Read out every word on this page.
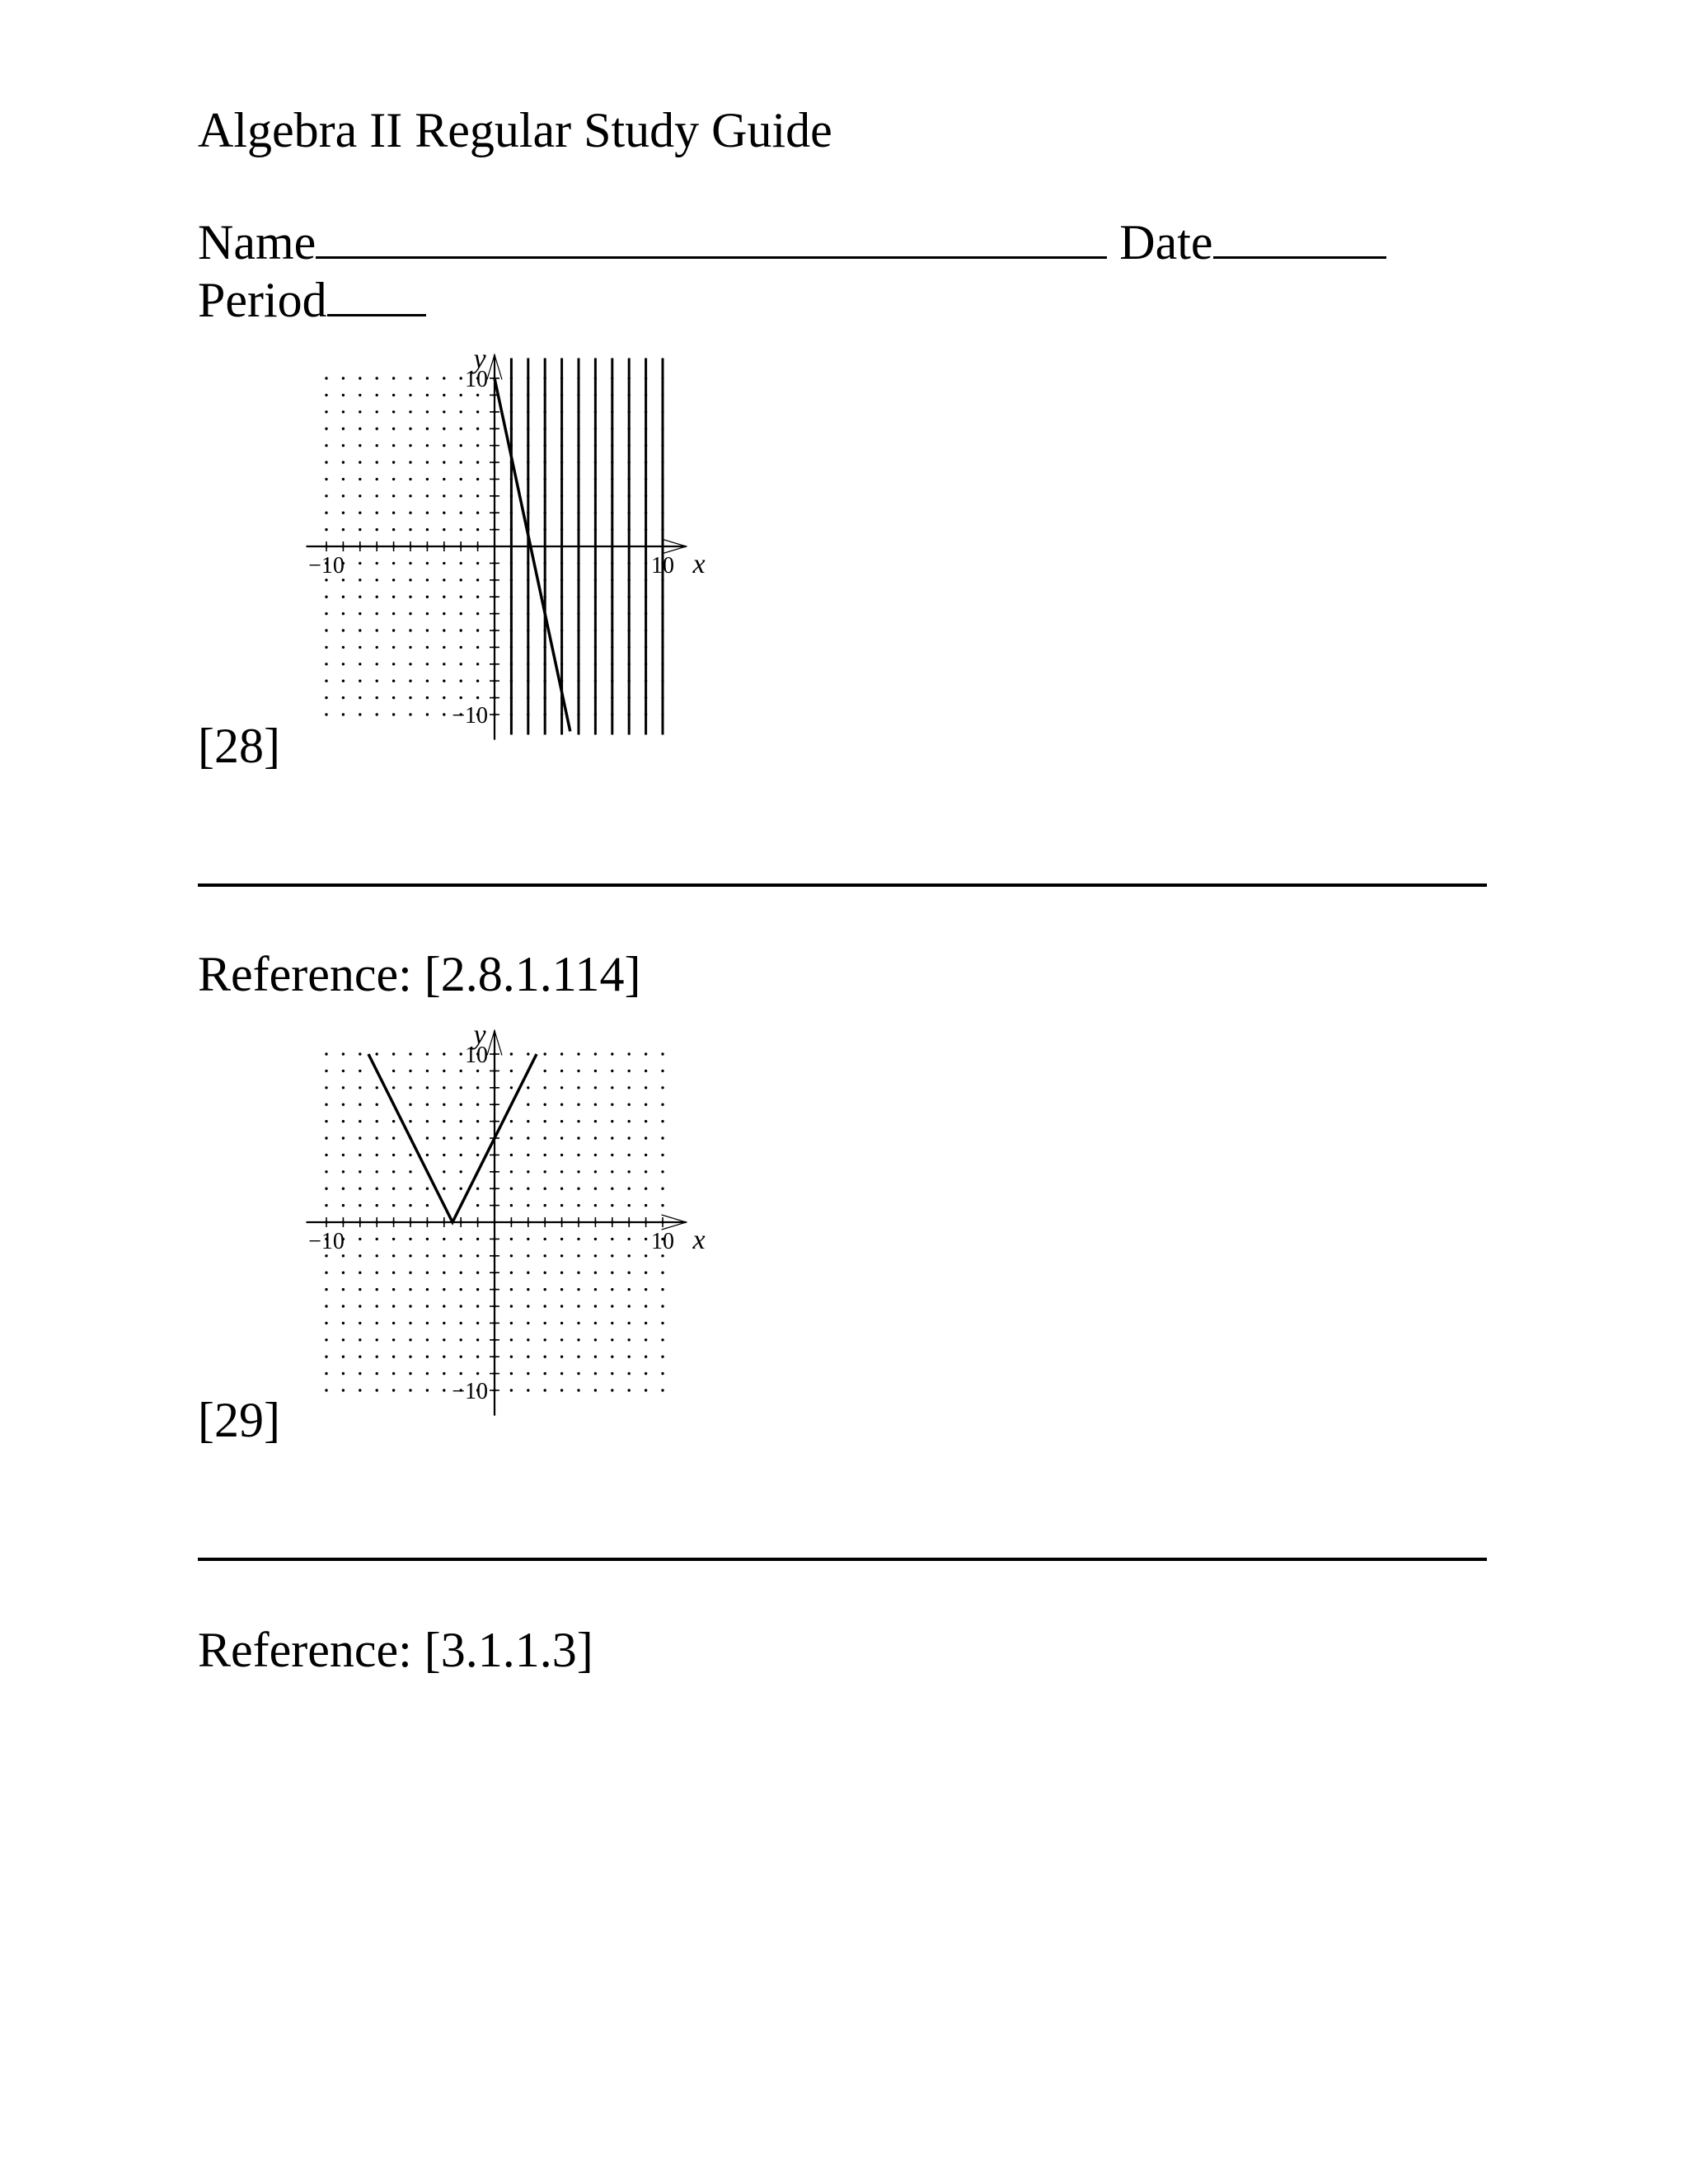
Algebra II Regular Study Guide
Name	Date
Period
−10	10
10
−10
x
y
[28]
Reference: [2.8.1.114]
−10	10
10
−10
x
y
[29]
Reference: [3.1.1.3]
